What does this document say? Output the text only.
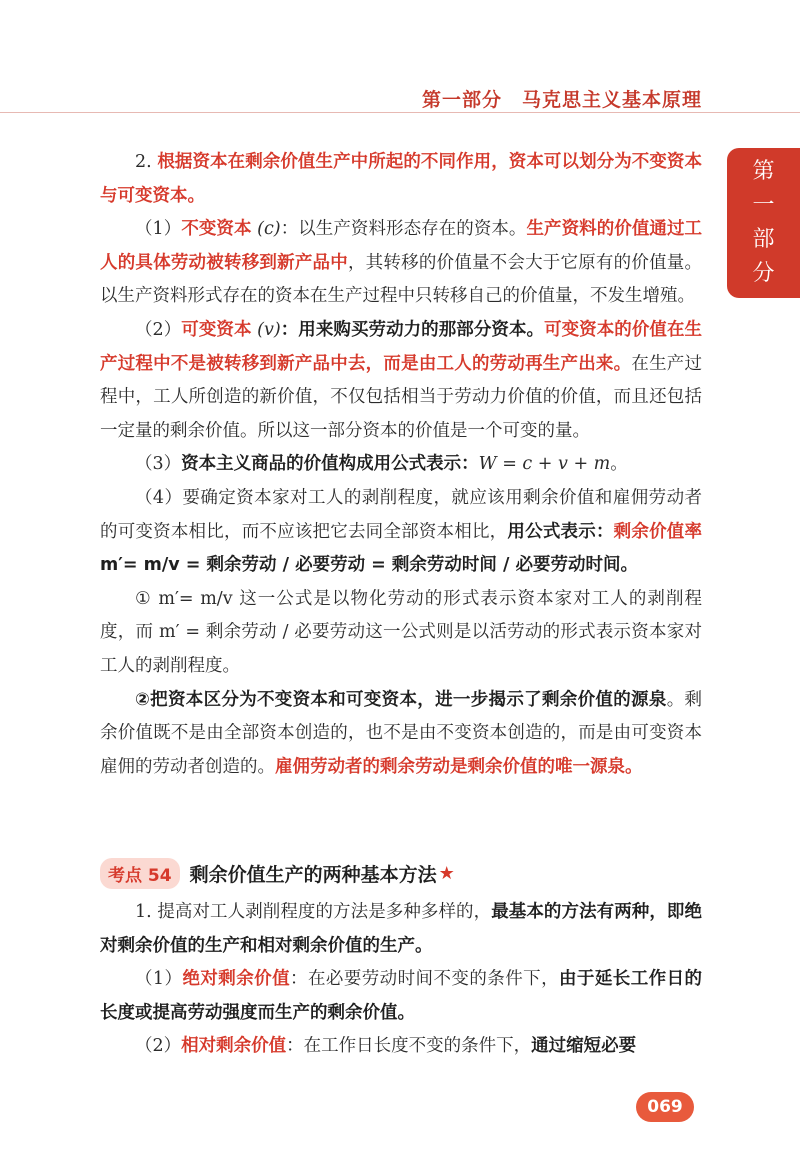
第一部分　马克思主义基本原理
第
一
部
分

2. 根据资本在剩余价值生产中所起的不同作用，资本可以划分为不变资本与可变资本。

（1）不变资本 (c)：以生产资料形态存在的资本。生产资料的价值通过工人的具体劳动被转移到新产品中，其转移的价值量不会大于它原有的价值量。以生产资料形式存在的资本在生产过程中只转移自己的价值量，不发生增殖。

（2）可变资本 (v)：用来购买劳动力的那部分资本。可变资本的价值在生产过程中不是被转移到新产品中去，而是由工人的劳动再生产出来。在生产过程中，工人所创造的新价值，不仅包括相当于劳动力价值的价值，而且还包括一定量的剩余价值。所以这一部分资本的价值是一个可变的量。

（3）资本主义商品的价值构成用公式表示：W = c + v + m。

（4）要确定资本家对工人的剥削程度，就应该用剩余价值和雇佣劳动者的可变资本相比，而不应该把它去同全部资本相比，用公式表示：剩余价值率 m′= m/v = 剩余劳动 / 必要劳动 = 剩余劳动时间 / 必要劳动时间。

① m′= m/v 这一公式是以物化劳动的形式表示资本家对工人的剥削程度，而 m′ = 剩余劳动 / 必要劳动这一公式则是以活劳动的形式表示资本家对工人的剥削程度。

②把资本区分为不变资本和可变资本，进一步揭示了剩余价值的源泉。剩余价值既不是由全部资本创造的，也不是由不变资本创造的，而是由可变资本雇佣的劳动者创造的。雇佣劳动者的剩余劳动是剩余价值的唯一源泉。

考点 54 剩余价值生产的两种基本方法 ★

1. 提高对工人剥削程度的方法是多种多样的，最基本的方法有两种，即绝对剩余价值的生产和相对剩余价值的生产。

（1）绝对剩余价值：在必要劳动时间不变的条件下，由于延长工作日的长度或提高劳动强度而生产的剩余价值。

（2）相对剩余价值：在工作日长度不变的条件下，通过缩短必要

069
